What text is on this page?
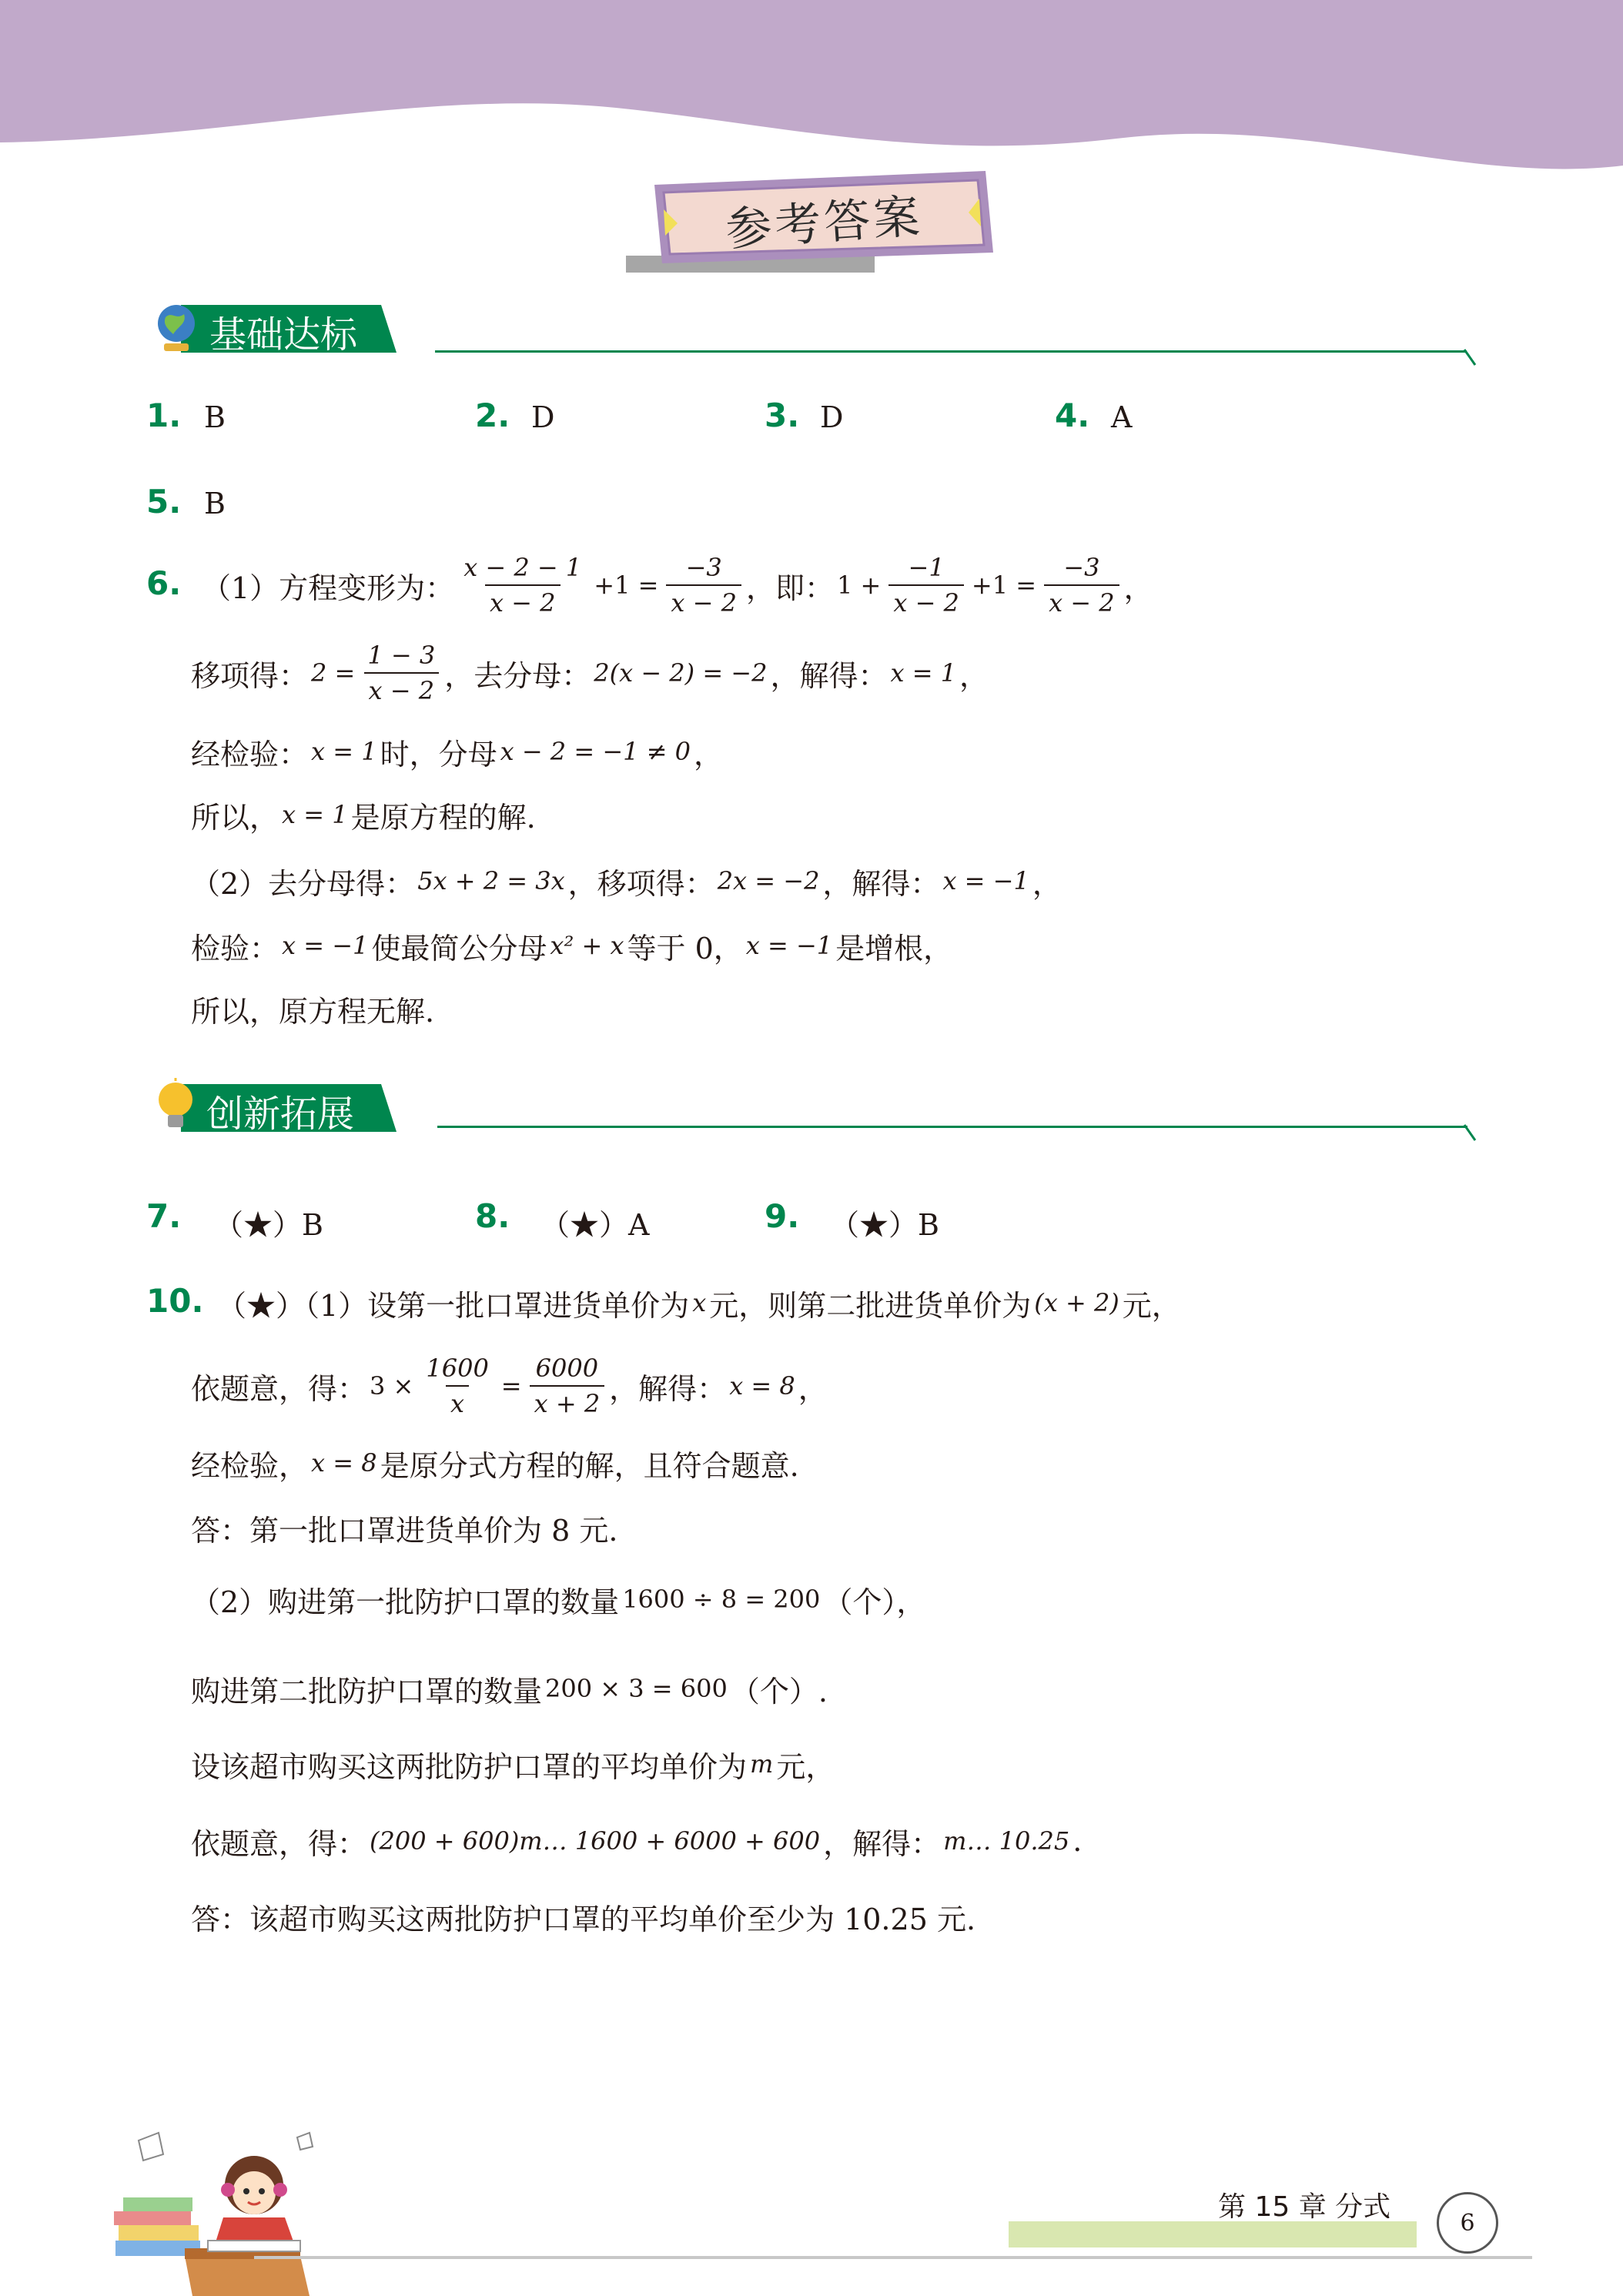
参考答案
基础达标
1. B	2. D	3. D	4. A
5. B
6. （1）方程变形为： $\frac{x - 2 - 1}{x - 2} +1 = \frac{-3}{x - 2}$ ，即： $1 + \frac{-1}{x - 2} +1 = \frac{-3}{x - 2}$ ，
移项得： $2 = \frac{1 - 3}{x - 2}$ ，去分母： 2(x − 2) = −2 ，解得： x = 1 ，
经检验： x = 1 时，分母 x − 2 = −1 ≠ 0 ，
所以， x = 1 是原方程的解.
（2）去分母得： 5x + 2 = 3x ，移项得： 2x = −2 ，解得： x = −1 ，
检验： x = −1 使最简公分母 x² + x 等于 0， x = −1 是增根，
所以，原方程无解.
创新拓展
7. （★）B	8. （★）A	9. （★）B
10. （★）（1）设第一批口罩进货单价为 x 元，则第二批进货单价为 (x + 2) 元，
依题意，得： $3 \times \frac{1600}{x} = \frac{6000}{x + 2}$ ，解得： x = 8 ，
经检验， x = 8 是原分式方程的解，且符合题意.
答：第一批口罩进货单价为 8 元.
（2）购进第一批防护口罩的数量 1600 ÷ 8 = 200 （个），
购进第二批防护口罩的数量 200 × 3 = 600 （个）.
设该超市购买这两批防护口罩的平均单价为 m 元，
依题意，得： (200 + 600)m… 1600 + 6000 + 600 ，解得： m… 10.25 .
答：该超市购买这两批防护口罩的平均单价至少为 10.25 元.
第 15 章 分式	6
